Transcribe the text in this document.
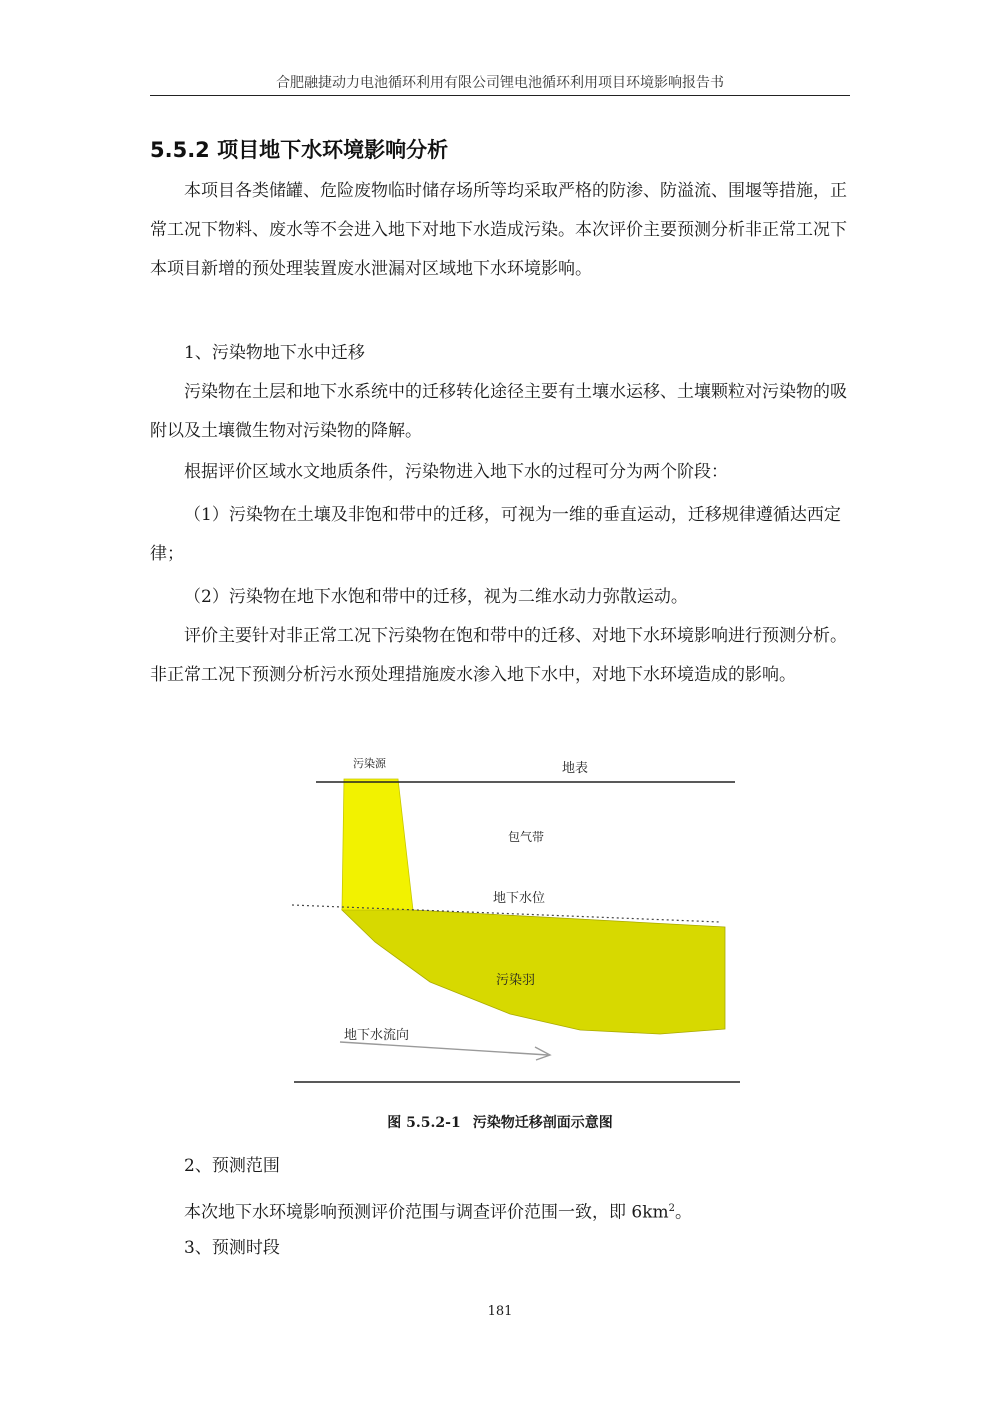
合肥融捷动力电池循环利用有限公司锂电池循环利用项目环境影响报告书
5.5.2 项目地下水环境影响分析

本项目各类储罐、危险废物临时储存场所等均采取严格的防渗、防溢流、围堰等措施，正常工况下物料、废水等不会进入地下对地下水造成污染。本次评价主要预测分析非正常工况下本项目新增的预处理装置废水泄漏对区域地下水环境影响。

1、污染物地下水中迁移

污染物在土层和地下水系统中的迁移转化途径主要有土壤水运移、土壤颗粒对污染物的吸附以及土壤微生物对污染物的降解。

根据评价区域水文地质条件，污染物进入地下水的过程可分为两个阶段：

（1）污染物在土壤及非饱和带中的迁移，可视为一维的垂直运动，迁移规律遵循达西定律；

（2）污染物在地下水饱和带中的迁移，视为二维水动力弥散运动。

评价主要针对非正常工况下污染物在饱和带中的迁移、对地下水环境影响进行预测分析。非正常工况下预测分析污水预处理措施废水渗入地下水中，对地下水环境造成的影响。

污染源	地表
包气带
地下水位
污染羽
地下水流向
图 5.5.2-1 污染物迁移剖面示意图

2、预测范围

本次地下水环境影响预测评价范围与调查评价范围一致，即 $6km^2$。

3、预测时段

181
